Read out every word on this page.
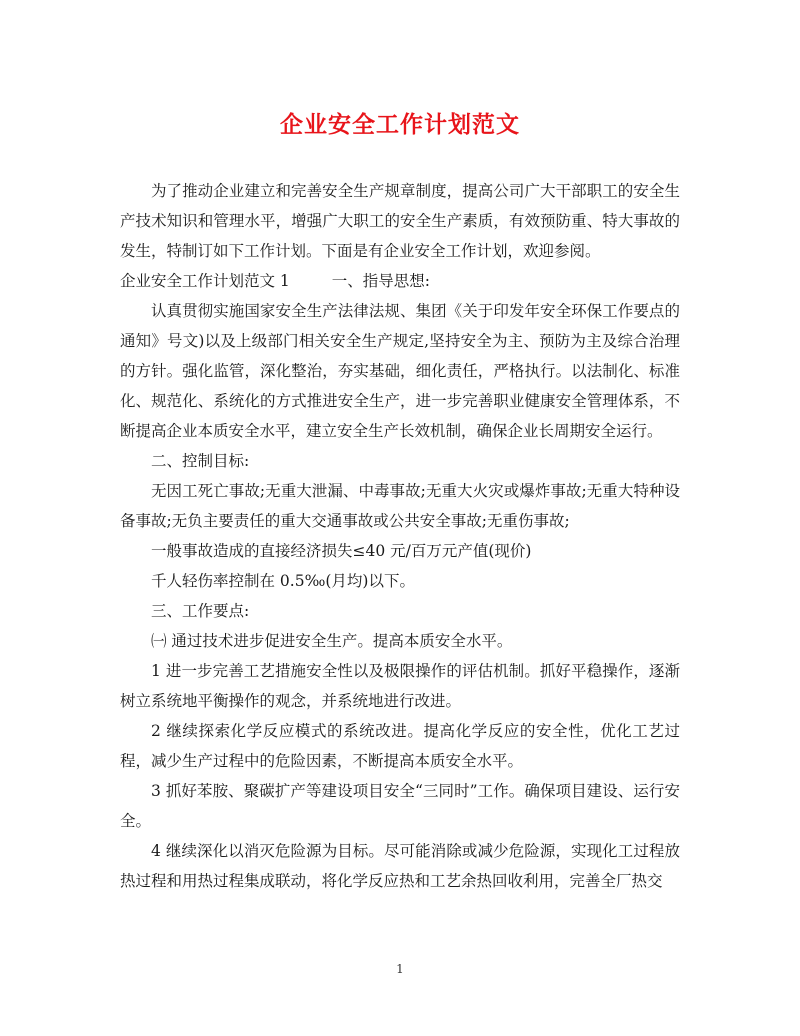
企业安全工作计划范文

为了推动企业建立和完善安全生产规章制度，提高公司广大干部职工的安全生产技术知识和管理水平，增强广大职工的安全生产素质，有效预防重、特大事故的发生，特制订如下工作计划。下面是有企业安全工作计划，欢迎参阅。

企业安全工作计划范文 1	一、指导思想:

认真贯彻实施国家安全生产法律法规、集团《关于印发年安全环保工作要点的通知》号文)以及上级部门相关安全生产规定,坚持安全为主、预防为主及综合治理的方针。强化监管，深化整治，夯实基础，细化责任，严格执行。以法制化、标准化、规范化、系统化的方式推进安全生产，进一步完善职业健康安全管理体系，不断提高企业本质安全水平，建立安全生产长效机制，确保企业长周期安全运行。

二、控制目标:

无因工死亡事故;无重大泄漏、中毒事故;无重大火灾或爆炸事故;无重大特种设备事故;无负主要责任的重大交通事故或公共安全事故;无重伤事故;

一般事故造成的直接经济损失≤40 元/百万元产值(现价)

千人轻伤率控制在 0.5‰(月均)以下。

三、工作要点:

㈠ 通过技术进步促进安全生产。提高本质安全水平。

1 进一步完善工艺措施安全性以及极限操作的评估机制。抓好平稳操作，逐渐树立系统地平衡操作的观念，并系统地进行改进。

2 继续探索化学反应模式的系统改进。提高化学反应的安全性，优化工艺过程，减少生产过程中的危险因素，不断提高本质安全水平。

3 抓好苯胺、聚碳扩产等建设项目安全“三同时”工作。确保项目建设、运行安全。

4 继续深化以消灭危险源为目标。尽可能消除或减少危险源，实现化工过程放热过程和用热过程集成联动，将化学反应热和工艺余热回收利用，完善全厂热交

1
